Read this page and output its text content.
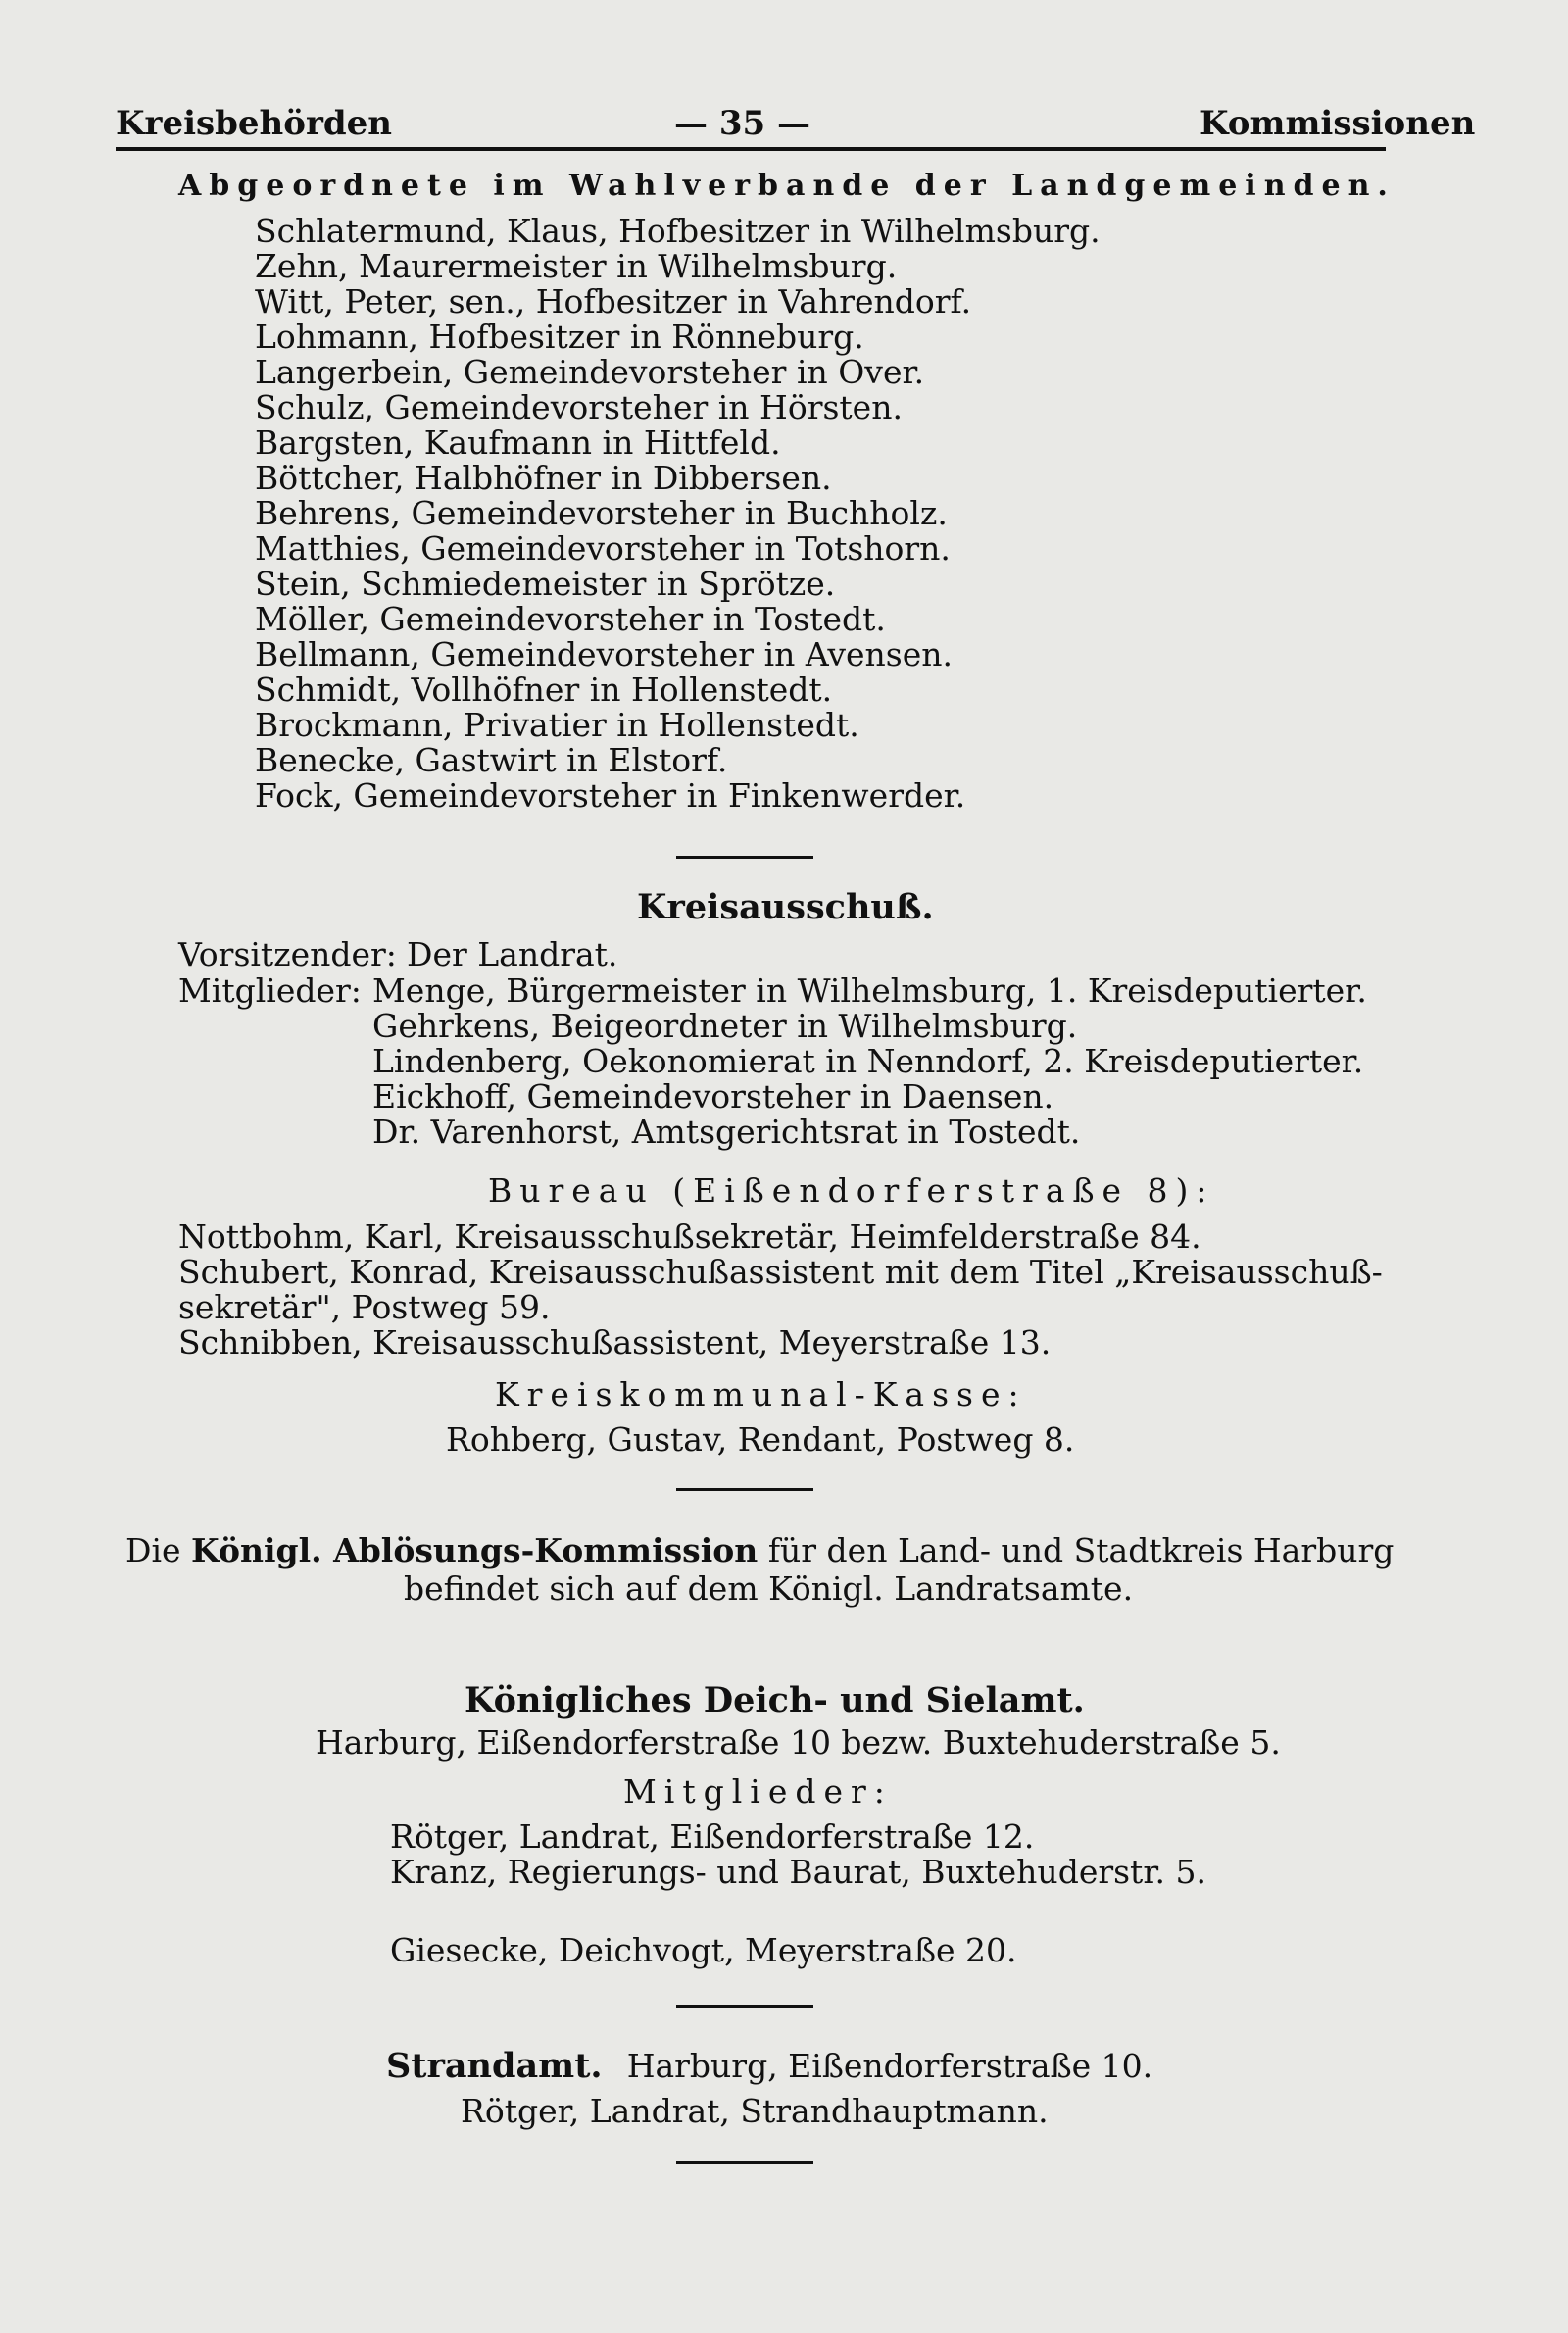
Kreisbehörden	— 35 —	Kommissionen
Abgeordnete im Wahlverbande der Landgemeinden.
Schlatermund, Klaus, Hofbesitzer in Wilhelmsburg.
Zehn, Maurermeister in Wilhelmsburg.
Witt, Peter, sen., Hofbesitzer in Vahrendorf.
Lohmann, Hofbesitzer in Rönneburg.
Langerbein, Gemeindevorsteher in Over.
Schulz, Gemeindevorsteher in Hörsten.
Bargsten, Kaufmann in Hittfeld.
Böttcher, Halbhöfner in Dibbersen.
Behrens, Gemeindevorsteher in Buchholz.
Matthies, Gemeindevorsteher in Totshorn.
Stein, Schmiedemeister in Sprötze.
Möller, Gemeindevorsteher in Tostedt.
Bellmann, Gemeindevorsteher in Avensen.
Schmidt, Vollhöfner in Hollenstedt.
Brockmann, Privatier in Hollenstedt.
Benecke, Gastwirt in Elstorf.
Fock, Gemeindevorsteher in Finkenwerder.
Kreisausschuß.
Vorsitzender: Der Landrat.
Mitglieder: Menge, Bürgermeister in Wilhelmsburg, 1. Kreisdeputierter.
Gehrkens, Beigeordneter in Wilhelmsburg.
Lindenberg, Oekonomierat in Nenndorf, 2. Kreisdeputierter.
Eickhoff, Gemeindevorsteher in Daensen.
Dr. Varenhorst, Amtsgerichtsrat in Tostedt.
Bureau (Eißendorferstraße 8):
Nottbohm, Karl, Kreisausschußsekretär, Heimfelderstraße 84.
Schubert, Konrad, Kreisausschußassistent mit dem Titel „Kreisausschuß-
sekretär", Postweg 59.
Schnibben, Kreisausschußassistent, Meyerstraße 13.
Kreiskommunal-Kasse:
Rohberg, Gustav, Rendant, Postweg 8.
Die Königl. Ablösungs-Kommission für den Land- und Stadtkreis Harburg
befindet sich auf dem Königl. Landratsamte.
Königliches Deich- und Sielamt.
Harburg, Eißendorferstraße 10 bezw. Buxtehuderstraße 5.
Mitglieder:
Rötger, Landrat, Eißendorferstraße 12.
Kranz, Regierungs- und Baurat, Buxtehuderstr. 5.
Giesecke, Deichvogt, Meyerstraße 20.
Strandamt. Harburg, Eißendorferstraße 10.
Rötger, Landrat, Strandhauptmann.
